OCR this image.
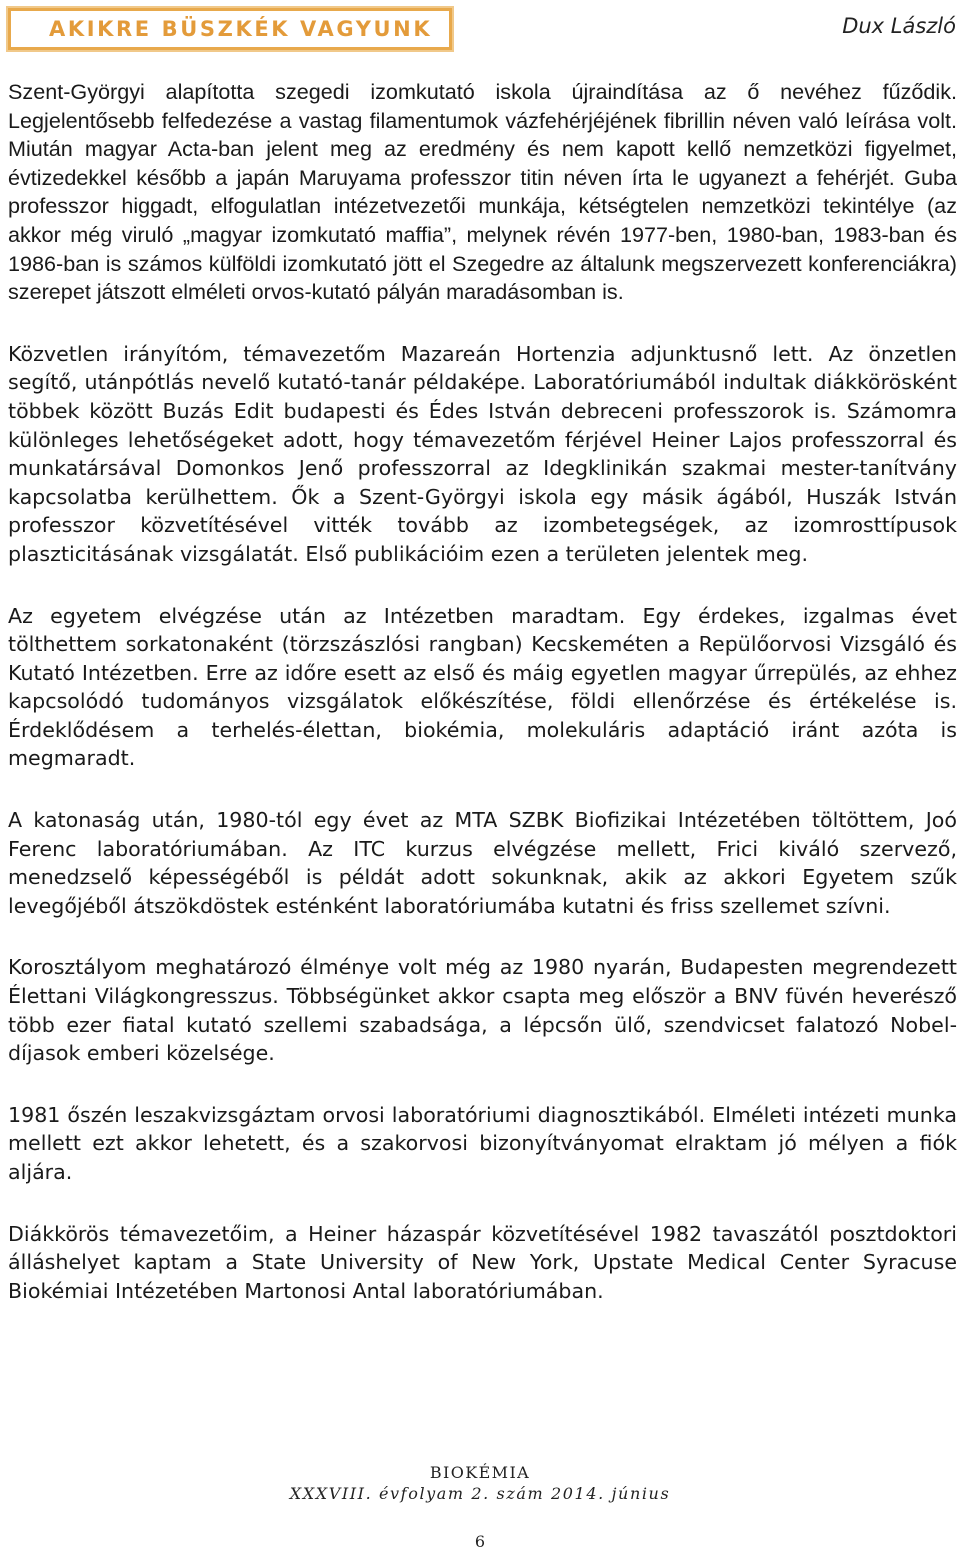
AKIKRE BÜSZKÉK VAGYUNK	Dux László

Szent-Györgyi alapította szegedi izomkutató iskola újraindítása az ő nevéhez fűződik. Legjelentősebb felfedezése a vastag filamentumok vázfehérjéjének fibrillin néven való leírása volt. Miután magyar Acta-ban jelent meg az eredmény és nem kapott kellő nemzetközi figyelmet, évtizedekkel később a japán Maruyama professzor titin néven írta le ugyanezt a fehérjét. Guba professzor higgadt, elfogulatlan intézetvezetői munkája, kétségtelen nemzetközi tekintélye (az akkor még viruló „magyar izomkutató maffia”, melynek révén 1977-ben, 1980-ban, 1983-ban és 1986-ban is számos külföldi izomkutató jött el Szegedre az általunk megszervezett konferenciákra) szerepet játszott elméleti orvos-kutató pályán maradásomban is.

Közvetlen irányítóm, témavezetőm Mazareán Hortenzia adjunktusnő lett. Az önzetlen segítő, utánpótlás nevelő kutató-tanár példaképe. Laboratóriumából indultak diákkörösként többek között Buzás Edit budapesti és Édes István debreceni professzorok is. Számomra különleges lehetőségeket adott, hogy témavezetőm férjével Heiner Lajos professzorral és munkatársával Domonkos Jenő professzorral az Idegklinikán szakmai mester-tanítvány kapcsolatba kerülhettem. Ők a Szent-Györgyi iskola egy másik ágából, Huszák István professzor közvetítésével vitték tovább az izombetegségek, az izomrosttípusok plaszticitásának vizsgálatát. Első publikációim ezen a területen jelentek meg.

Az egyetem elvégzése után az Intézetben maradtam. Egy érdekes, izgalmas évet tölthettem sorkatonaként (törzszászlósi rangban) Kecskeméten a Repülőorvosi Vizsgáló és Kutató Intézetben. Erre az időre esett az első és máig egyetlen magyar űrrepülés, az ehhez kapcsolódó tudományos vizsgálatok előkészítése, földi ellenőrzése és értékelése is. Érdeklődésem a terhelés-élettan, biokémia, molekuláris adaptáció iránt azóta is megmaradt.

A katonaság után, 1980-tól egy évet az MTA SZBK Biofizikai Intézetében töltöttem, Joó Ferenc laboratóriumában. Az ITC kurzus elvégzése mellett, Frici kiváló szervező, menedzselő képességéből is példát adott sokunknak, akik az akkori Egyetem szűk levegőjéből átszökdöstek esténként laboratóriumába kutatni és friss szellemet szívni.

Korosztályom meghatározó élménye volt még az 1980 nyarán, Budapesten megrendezett Élettani Világkongresszus. Többségünket akkor csapta meg először a BNV füvén heverésző több ezer fiatal kutató szellemi szabadsága, a lépcsőn ülő, szendvicset falatozó Nobel-díjasok emberi közelsége.

1981 őszén leszakvizsgáztam orvosi laboratóriumi diagnosztikából. Elméleti intézeti munka mellett ezt akkor lehetett, és a szakorvosi bizonyítványomat elraktam jó mélyen a fiók aljára.

Diákkörös témavezetőim, a Heiner házaspár közvetítésével 1982 tavaszától posztdoktori álláshelyet kaptam a State University of New York, Upstate Medical Center Syracuse Biokémiai Intézetében Martonosi Antal laboratóriumában.

BIOKÉMIA
XXXVIII. évfolyam 2. szám 2014. június
6
